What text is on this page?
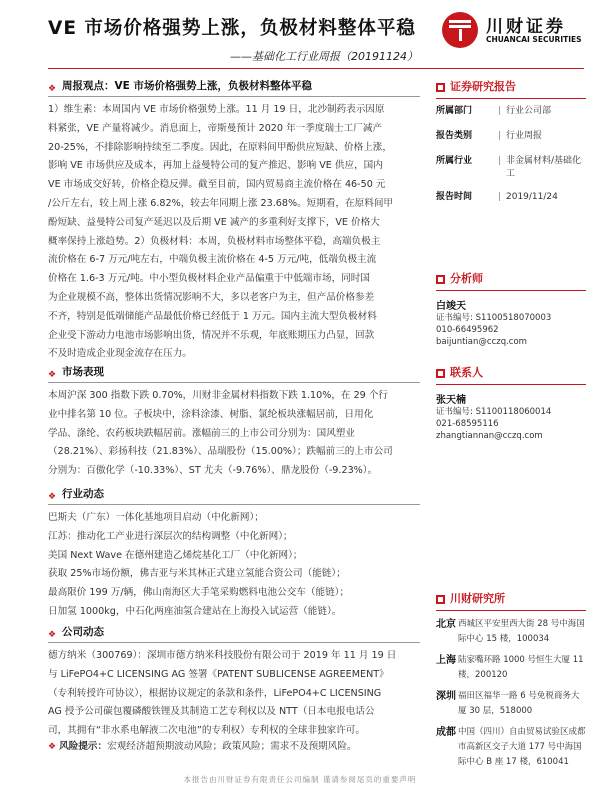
VE 市场价格强势上涨，负极材料整体平稳
——基础化工行业周报（20191124）
川财证券
CHUANCAI SECURITIES
❖ 周报观点：VE 市场价格强势上涨，负极材料整体平稳
1）维生素：本周国内 VE 市场价格强势上涨。11 月 19 日，北沙制药表示因原
料紧张，VE 产量将减少。消息面上，帝斯曼预计 2020 年一季度瑞士工厂减产
20-25%，不排除影响持续至二季度。因此，在原料间甲酚供应短缺、价格上涨，
影响 VE 市场供应及成本，再加上益曼特公司的复产推迟、影响 VE 供应，国内
VE 市场成交好转，价格企稳反弹。截至目前，国内贸易商主流价格在 46-50 元
/公斤左右，较上周上涨 6.82%，较去年同期上涨 23.68%。短期看，在原料间甲
酚短缺、益曼特公司复产延迟以及后期 VE 减产的多重利好支撑下，VE 价格大
概率保持上涨趋势。2）负极材料：本周，负极材料市场整体平稳，高端负极主
流价格在 6-7 万元/吨左右，中端负极主流价格在 4-5 万元/吨，低端负极主流
价格在 1.6-3 万元/吨。中小型负极材料企业产品偏重于中低端市场，同时国
为企业规模不高，整体出货情况影响不大，多以老客户为主，但产品价格参差
不齐，特别是低端储能产品最低价格已经低于 1 万元。国内主流大型负极材料
企业受下游动力电池市场影响出货，情况并不乐观，年底账期压力凸显，回款
不及时造成企业现金流存在压力。
❖ 市场表现
本周沪深 300 指数下跌 0.70%，川财非金属材料指数下跌 1.10%，在 29 个行
业中排名第 10 位。子板块中，涂料涂漆、树脂、氯纶板块涨幅居前，日用化
学品、涤纶、农药板块跌幅居前。涨幅前三的上市公司分别为：国风塑业
（28.21%）、彩扬科技（21.83%）、品瑞股份（15.00%）；跌幅前三的上市公司
分别为：百傲化学（-10.33%）、ST 尤夫（-9.76%）、鼎龙股份（-9.23%）。
❖ 行业动态
巴斯夫（广东）一体化基地项目启动（中化新网）；
江苏：推动化工产业进行深层次的结构调整（中化新网）；
美国 Next Wave 在德州建造乙烯烷基化工厂（中化新网）；
获取 25%市场份额，佛吉亚与米其林正式建立氢能合资公司（能链）；
最高限价 199 万/辆，佛山南海区大手笔采购燃料电池公交车（能链）；
日加氢 1000kg，中石化两座油氢合建站在上海投入试运营（能链）。
❖ 公司动态
德方纳米（300769）：深圳市德方纳米科技股份有限公司于 2019 年 11 月 19 日
与 LiFePO4+C LICENSING AG 签署《PATENT SUBLICENSE AGREEMENT》
（专利转授许可协议），根据协议规定的条款和条件，LiFePO4+C LICENSING
AG 授予公司碳包覆磷酸铁锂及其制造工艺专利权以及 NTT（日本电报电话公
司，其拥有“非水系电解液二次电池”的专利权）专利权的全球非独家许可。
❖ 风险提示：宏观经济超预期波动风险；政策风险；需求不及预期风险。
证券研究报告
所属部门	| 行业公司部
报告类别	| 行业周报
所属行业	| 非金属材料/基础化工
报告时间	| 2019/11/24
分析师
白竣天
证书编号: S1100518070003
010-66495962
baijuntian@cczq.com
联系人
张天楠
证书编号: S1100118060014
021-68595116
zhangtiannan@cczq.com
川财研究所
北京 西城区平安里西大街 28 号中海国际中心 15 楼，100034
上海 陆家嘴环路 1000 号恒生大厦 11 楼，200120
深圳 福田区福华一路 6 号免税商务大厦 30 层，518000
成都 中国（四川）自由贸易试验区成都市高新区交子大道 177 号中海国际中心 B 座 17 楼，610041
本报告由川财证券有限责任公司编制 谨请参阅尾页的重要声明
